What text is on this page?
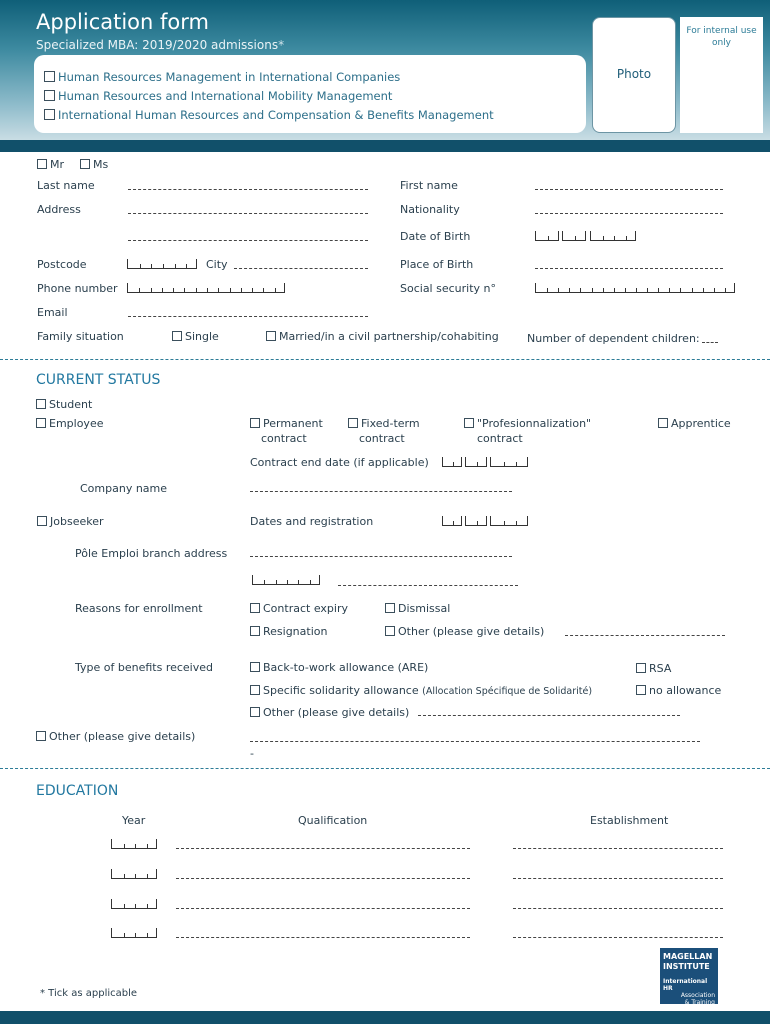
Application form
Specialized MBA: 2019/2020 admissions*
Human Resources Management in International Companies
Human Resources and International Mobility Management
International Human Resources and Compensation & Benefits Management
Photo
For internal use only
Mr	Ms
Last name	First name
Address	Nationality
Date of Birth
Postcode	City	Place of Birth
Phone number	Social security n°
Email
Family situation	Single	Married/in a civil partnership/cohabiting	Number of dependent children:
CURRENT STATUS
Student
Employee	Permanent
contract
Fixed-term
contract
"Profesionnalization"
contract
Apprentice
Contract end date (if applicable)
Company name
Jobseeker	Dates and registration
Pôle Emploi branch address
Reasons for enrollment	Contract expiry	Dismissal
Resignation	Other (please give details)
Type of benefits received	Back-to-work allowance (ARE)	RSA
Specific solidarity allowance (Allocation Spécifique de Solidarité)	no allowance
Other (please give details)
Other (please give details)
-
EDUCATION
Year	Qualification	Establishment
* Tick as applicable
MAGELLAN
INSTITUTE
International HR
Association
& Training
